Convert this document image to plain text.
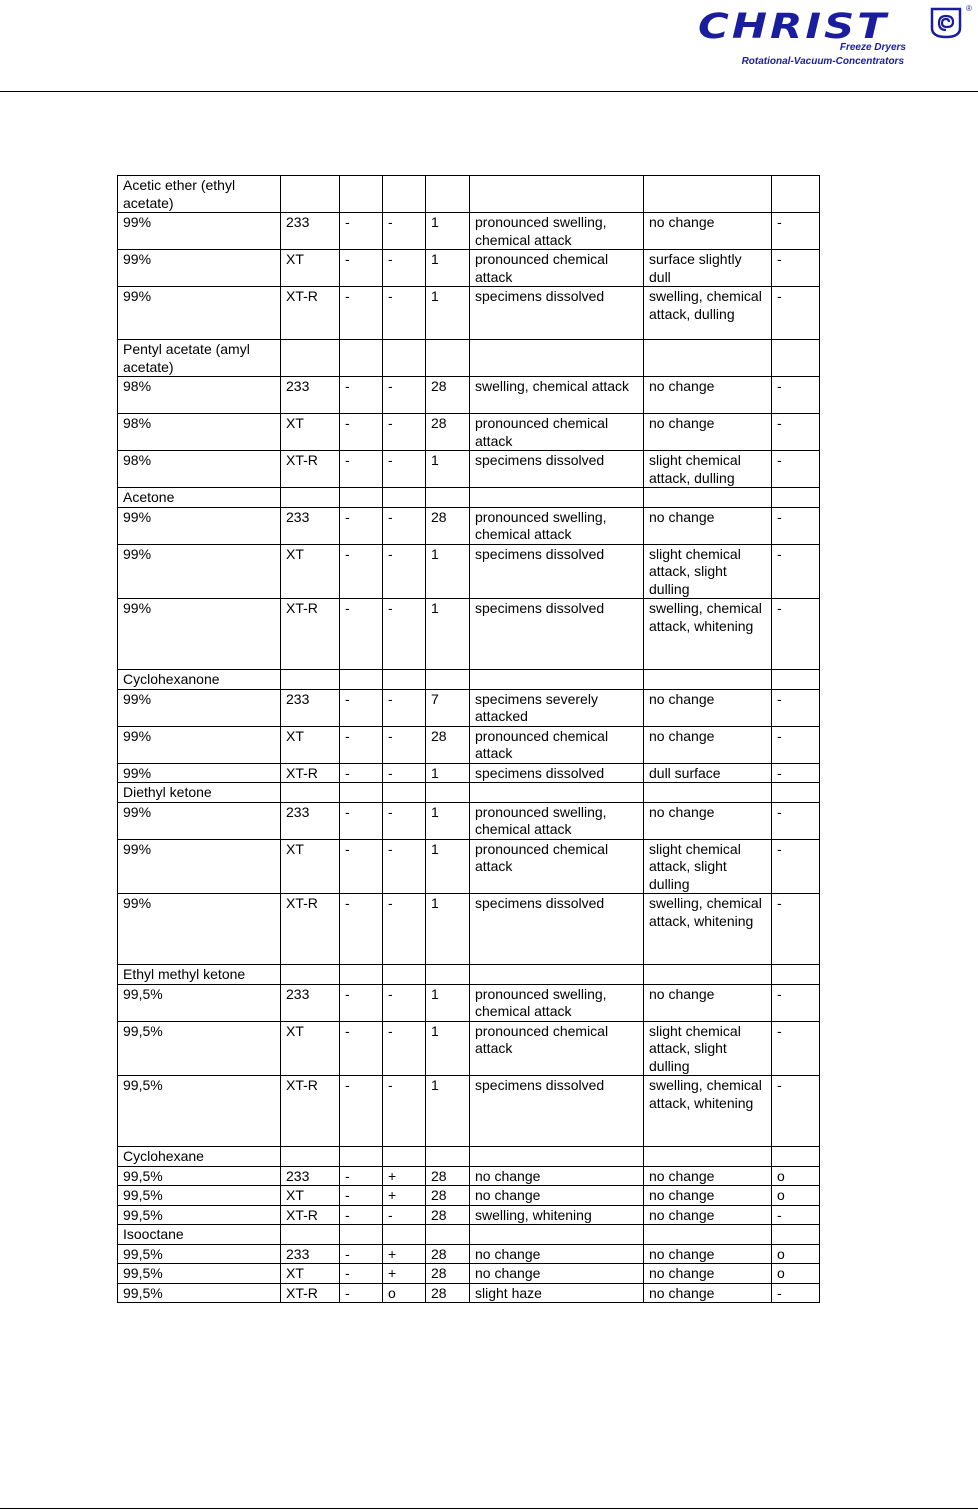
CHRIST	®
Freeze Dryers
Rotational-Vacuum-Concentrators
Acetic ether (ethyl acetate)							
99%	233	-	-	1	pronounced swelling, chemical attack	no change	-
99%	XT	-	-	1	pronounced chemical attack	surface slightly dull	-
99%	XT-R	-	-	1	specimens dissolved	swelling, chemical attack, dulling	-
Pentyl acetate (amyl acetate)							
98%	233	-	-	28	swelling, chemical attack	no change	-
98%	XT	-	-	28	pronounced chemical attack	no change	-
98%	XT-R	-	-	1	specimens dissolved	slight chemical attack, dulling	-
Acetone							
99%	233	-	-	28	pronounced swelling, chemical attack	no change	-
99%	XT	-	-	1	specimens dissolved	slight chemical attack, slight dulling	-
99%	XT-R	-	-	1	specimens dissolved	swelling, chemical attack, whitening	-
Cyclohexanone							
99%	233	-	-	7	specimens severely attacked	no change	-
99%	XT	-	-	28	pronounced chemical attack	no change	-
99%	XT-R	-	-	1	specimens dissolved	dull surface	-
Diethyl ketone							
99%	233	-	-	1	pronounced swelling, chemical attack	no change	-
99%	XT	-	-	1	pronounced chemical attack	slight chemical attack, slight dulling	-
99%	XT-R	-	-	1	specimens dissolved	swelling, chemical attack, whitening	-
Ethyl methyl ketone							
99,5%	233	-	-	1	pronounced swelling, chemical attack	no change	-
99,5%	XT	-	-	1	pronounced chemical attack	slight chemical attack, slight dulling	-
99,5%	XT-R	-	-	1	specimens dissolved	swelling, chemical attack, whitening	-
Cyclohexane							
99,5%	233	-	+	28	no change	no change	o
99,5%	XT	-	+	28	no change	no change	o
99,5%	XT-R	-	-	28	swelling, whitening	no change	-
Isooctane							
99,5%	233	-	+	28	no change	no change	o
99,5%	XT	-	+	28	no change	no change	o
99,5%	XT-R	-	o	28	slight haze	no change	-
